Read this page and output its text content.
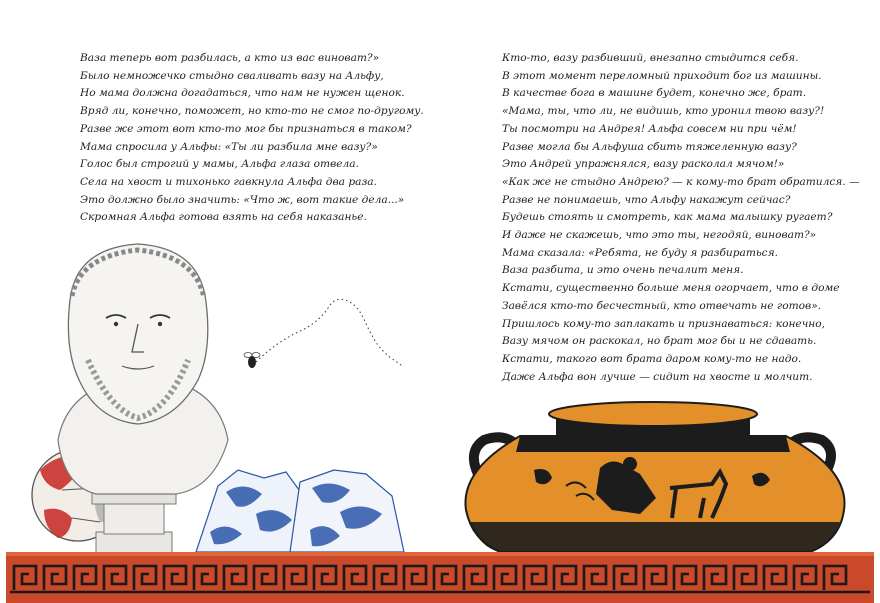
Ваза теперь вот разбилась, а кто из вас виноват?»

Было немножечко стыдно сваливать вазу на Альфу,

Но мама должна догадаться, что нам не нужен щенок.

Вряд ли, конечно, поможет, но кто-то не смог по-другому.

Разве же этот вот кто-то мог бы признаться в таком?

Мама спросила у Альфы: «Ты ли разбила мне вазу?»

Голос был строгий у мамы, Альфа глаза отвела.

Села на хвост и тихонько гавкнула Альфа два раза.

Это должно было значить: «Что ж, вот такие дела...»

Скромная Альфа готова взять на себя наказанье.

Кто-то, вазу разбивший, внезапно стыдится себя.

В этот момент переломный приходит бог из машины.

В качестве бога в машине будет, конечно же, брат.

«Мама, ты, что ли, не видишь, кто уронил твою вазу?!

Ты посмотри на Андрея! Альфа совсем ни при чём!

Разве могла бы Альфуша сбить тяжеленную вазу?

Это Андрей упражнялся, вазу расколал мячом!»

«Как же не стыдно Андрею? — к кому-то брат обратился. —

Разве не понимаешь, что Альфу накажут сейчас?

Будешь стоять и смотреть, как мама малышку ругает?

И даже не скажешь, что это ты, негодяй, виноват?»

Мама сказала: «Ребята, не буду я разбираться.

Ваза разбита, и это очень печалит меня.

Кстати, существенно больше меня огорчает, что в доме

Завёлся кто-то бесчестный, кто отвечать не готов».

Пришлось кому-то заплакать и признаваться: конечно,

Вазу мячом он раскокал, но брат мог бы и не сдавать.

Кстати, такого вот брата даром кому-то не надо.

Даже Альфа вон лучше — сидит на хвосте и молчит.
